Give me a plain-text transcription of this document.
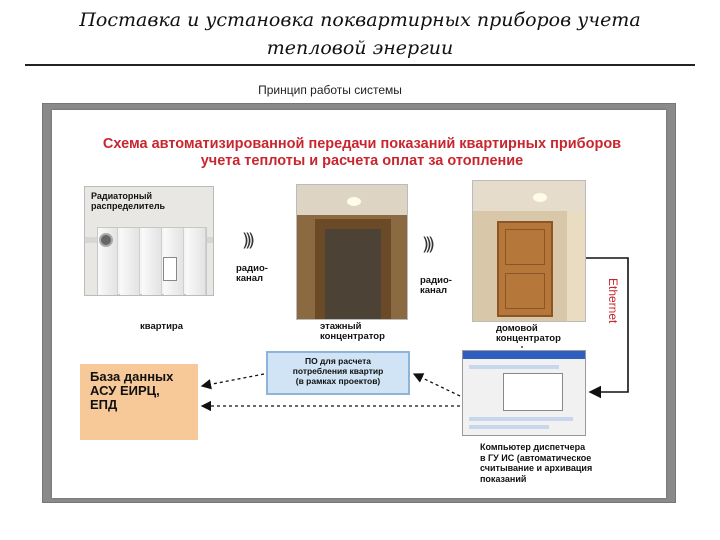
Поставка и установка поквартирных приборов учета тепловой энергии
Принцип работы системы
Схема автоматизированной передачи показаний квартирных приборов учета теплоты и расчета оплат за отопление
Радиаторный распределитель
квартира
)))
радио-
канал
этажный
концентратор
)))
радио-
канал
домовой
концентратор
Ethernet
База данных
АСУ ЕИРЦ,
ЕПД
ПО для расчета
потребления квартир
(в рамках проектов)
Компьютер диспетчера
в ГУ ИС (автоматическое
считывание и архивация
показаний
